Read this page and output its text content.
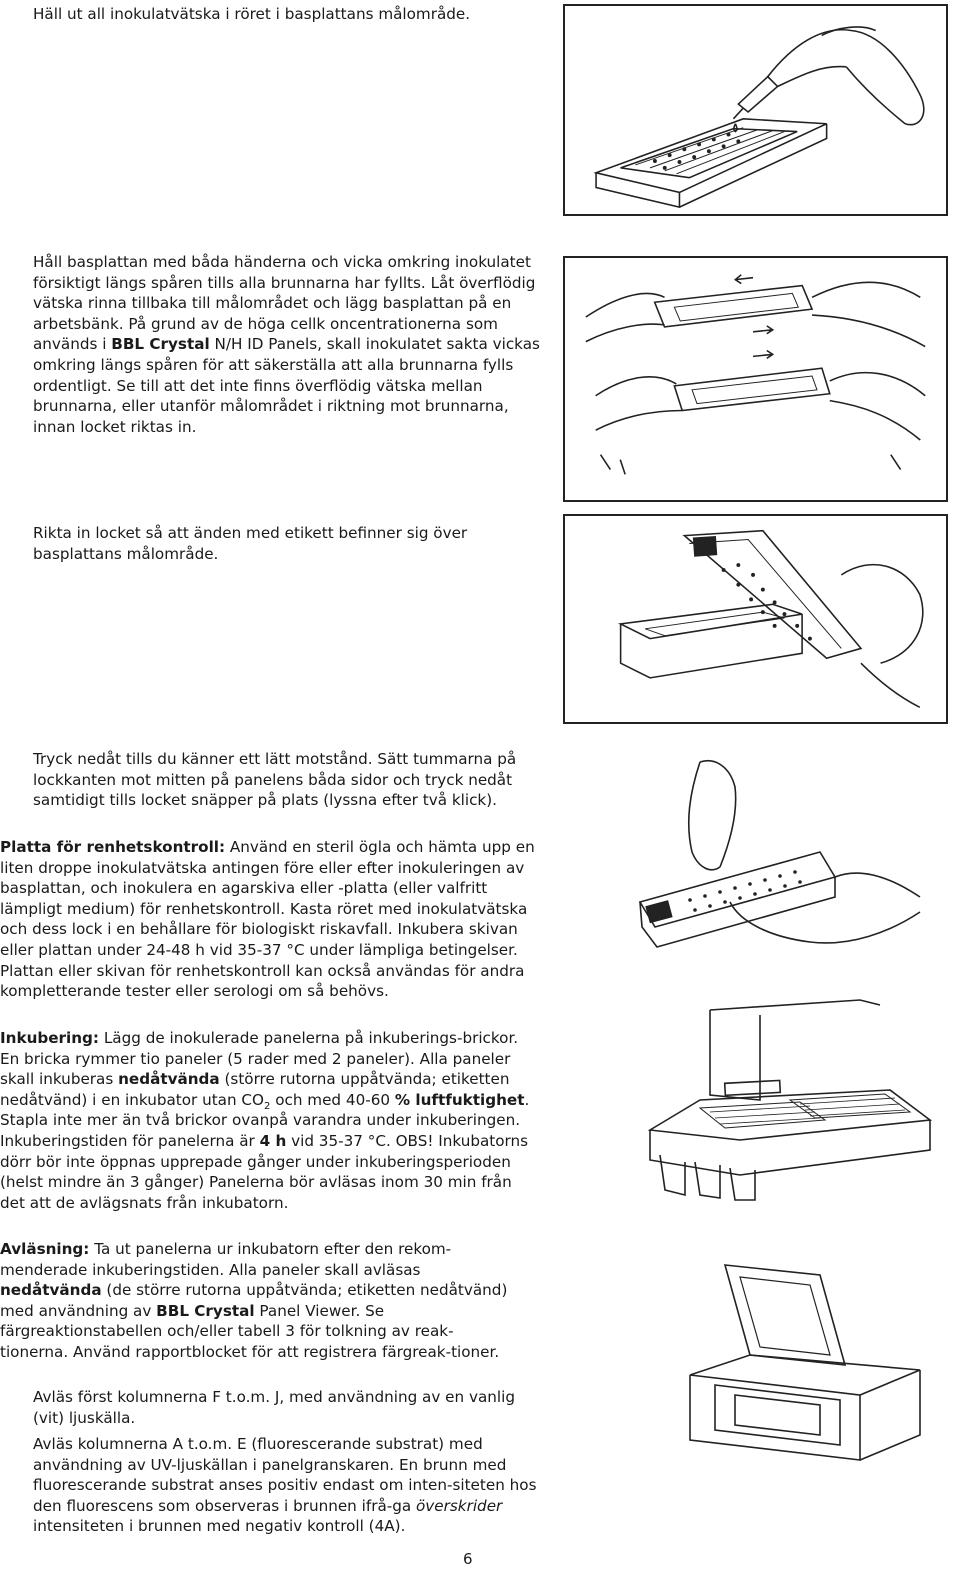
Häll ut all inokulatvätska i röret i basplattans målområde.

Håll basplattan med båda händerna och vicka omkring inokulatet försiktigt längs spåren tills alla brunnarna har fyllts. Låt överflödig vätska rinna tillbaka till målområdet och lägg basplattan på en arbetsbänk. På grund av de höga cellk oncentrationerna som används i BBL Crystal N/H ID Panels, skall inokulatet sakta vickas omkring längs spåren för att säkerställa att alla brunnarna fylls ordentligt. Se till att det inte finns överflödig vätska mellan brunnarna, eller utanför målområdet i riktning mot brunnarna, innan locket riktas in.

Rikta in locket så att änden med etikett befinner sig över basplattans målområde.

Tryck nedåt tills du känner ett lätt motstånd. Sätt tummarna på lockkanten mot mitten på panelens båda sidor och tryck nedåt samtidigt tills locket snäpper på plats (lyssna efter två klick).

Platta för renhetskontroll: Använd en steril ögla och hämta upp en liten droppe inokulatvätska antingen före eller efter inokuleringen av basplattan, och inokulera en agarskiva eller -platta (eller valfritt lämpligt medium) för renhetskontroll. Kasta röret med inokulatvätska och dess lock i en behållare för biologiskt riskavfall. Inkubera skivan eller plattan under 24-48 h vid 35-37 °C under lämpliga betingelser. Plattan eller skivan för renhetskontroll kan också användas för andra kompletterande tester eller serologi om så behövs.

Inkubering: Lägg de inokulerade panelerna på inkuberings-brickor. En bricka rymmer tio paneler (5 rader med 2 paneler). Alla paneler skall inkuberas nedåtvända (större rutorna uppåtvända; etiketten nedåtvänd) i en inkubator utan $CO_2$ och med 40-60 % luftfuktighet. Stapla inte mer än två brickor ovanpå varandra under inkuberingen. Inkuberingstiden för panelerna är 4 h vid 35-37 °C. OBS! Inkubatorns dörr bör inte öppnas upprepade gånger under inkuberingsperioden (helst mindre än 3 gånger) Panelerna bör avläsas inom 30 min från det att de avlägsnats från inkubatorn.

Avläsning: Ta ut panelerna ur inkubatorn efter den rekom-menderade inkuberingstiden. Alla paneler skall avläsas nedåtvända (de större rutorna uppåtvända; etiketten nedåtvänd) med användning av BBL Crystal Panel Viewer. Se färgreaktionstabellen och/eller tabell 3 för tolkning av reak-tionerna. Använd rapportblocket för att registrera färgreak-tioner.

Avläs först kolumnerna F t.o.m. J, med användning av en vanlig (vit) ljuskälla.

Avläs kolumnerna A t.o.m. E (fluorescerande substrat) med användning av UV-ljuskällan i panelgranskaren. En brunn med fluorescerande substrat anses positiv endast om inten-siteten hos den fluorescens som observeras i brunnen ifrå-ga överskrider intensiteten i brunnen med negativ kontroll (4A).

6
